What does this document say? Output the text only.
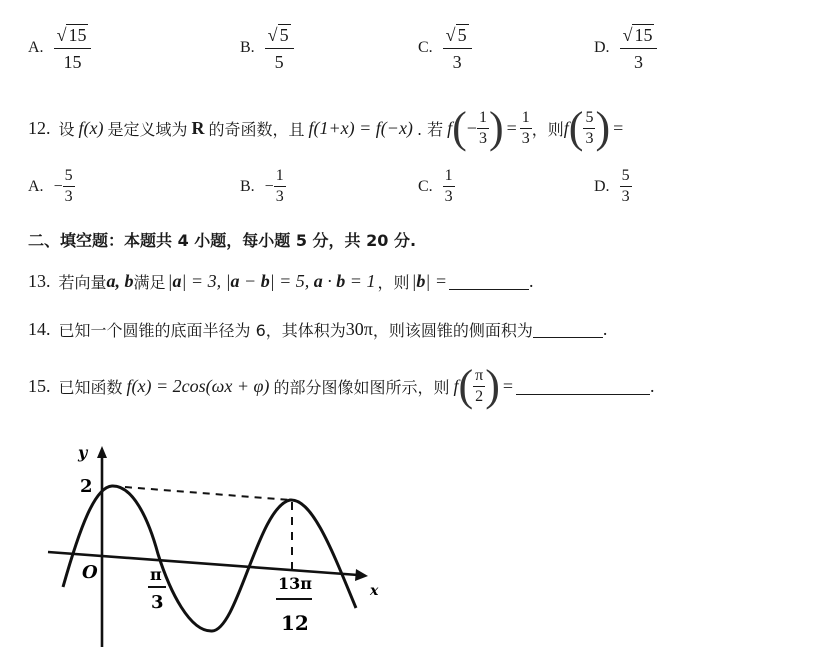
A. $\frac{√ 15}{15}$	B. $\frac{√ 5}{5}$	C. $\frac{√ 5}{3}$	D. $\frac{√ 15}{3}$
12. 设 f(x) 是定义域为 R 的奇函数，且 f(1+x) = f(−x) . 若 f ( − $\frac{1}{3}$ ) = $\frac{1}{3}$ ，则 f ( $\frac{5}{3}$ ) =
A. − $\frac{5}{3}$	B. − $\frac{1}{3}$	C. $\frac{1}{3}$	D. $\frac{5}{3}$
二、填空题：本题共 4 小题，每小题 5 分，共 20 分.
13. 若向量 a, b 满足 |a| = 3, |a − b| = 5, a · b = 1 ，则 |b| =	.
14. 已知一个圆锥的底面半径为 6，其体积为 30π ，则该圆锥的侧面积为	.
15. 已知函数 f(x) = 2cos(ωx + φ) 的部分图像如图所示，则 f ( $\frac{\pi}{2}$ ) =	.
y
x
O
2
π
3
13π
12
